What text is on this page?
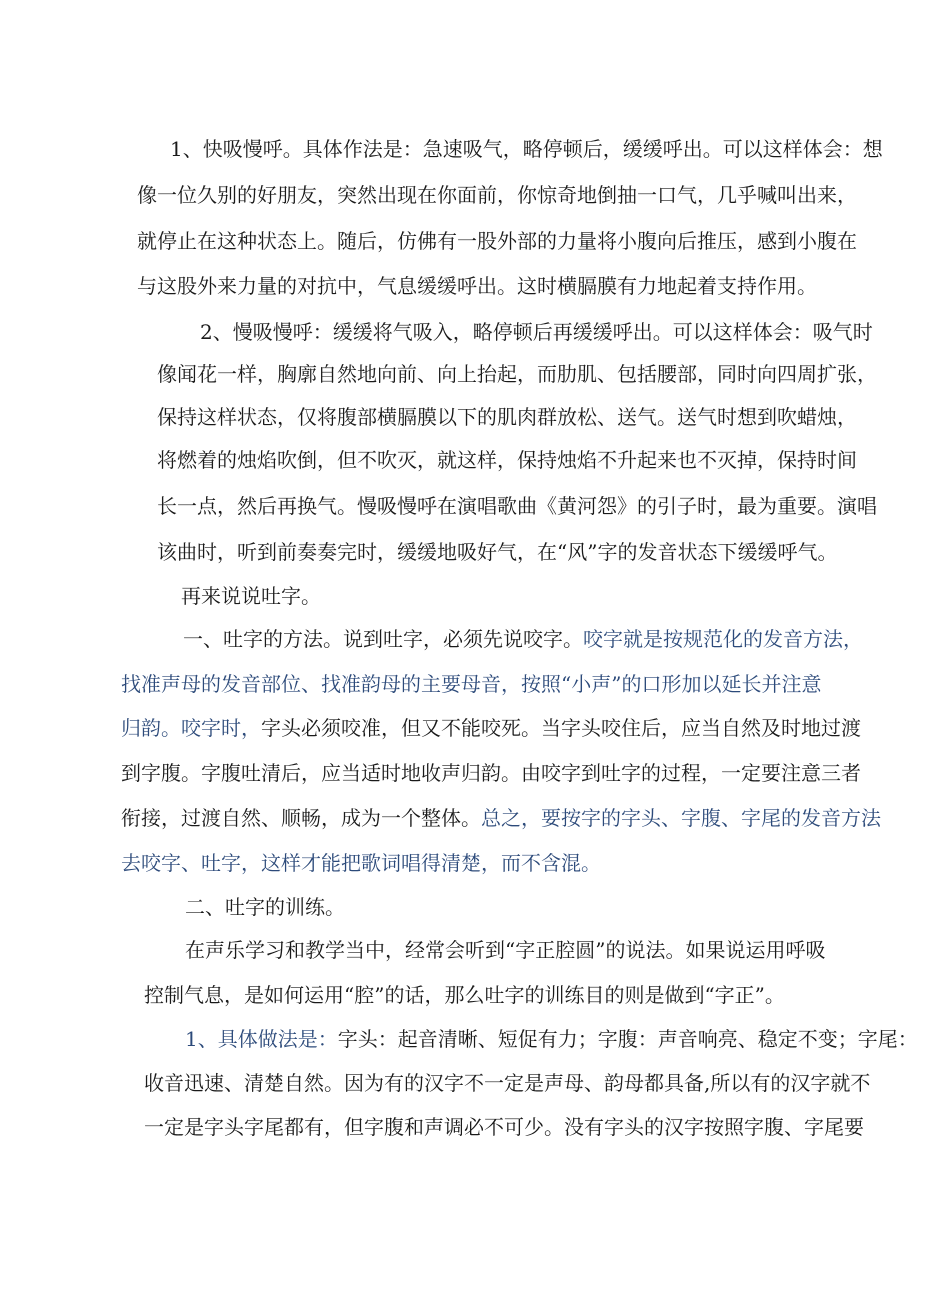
1、快吸慢呼。具体作法是：急速吸气，略停顿后，缓缓呼出。可以这样体会：想
像一位久别的好朋友，突然出现在你面前，你惊奇地倒抽一口气，几乎喊叫出来，
就停止在这种状态上。随后，仿佛有一股外部的力量将小腹向后推压，感到小腹在
与这股外来力量的对抗中，气息缓缓呼出。这时横膈膜有力地起着支持作用。
2、慢吸慢呼：缓缓将气吸入，略停顿后再缓缓呼出。可以这样体会：吸气时
像闻花一样，胸廓自然地向前、向上抬起，而肋肌、包括腰部，同时向四周扩张，
保持这样状态，仅将腹部横膈膜以下的肌肉群放松、送气。送气时想到吹蜡烛，
将燃着的烛焰吹倒，但不吹灭，就这样，保持烛焰不升起来也不灭掉，保持时间
长一点，然后再换气。慢吸慢呼在演唱歌曲《黄河怨》的引子时，最为重要。演唱
该曲时，听到前奏奏完时，缓缓地吸好气，在“风”字的发音状态下缓缓呼气。
再来说说吐字。
一、吐字的方法。说到吐字，必须先说咬字。咬字就是按规范化的发音方法，
找准声母的发音部位、找准韵母的主要母音，按照“小声”的口形加以延长并注意
归韵。咬字时，字头必须咬准，但又不能咬死。当字头咬住后，应当自然及时地过渡
到字腹。字腹吐清后，应当适时地收声归韵。由咬字到吐字的过程，一定要注意三者
衔接，过渡自然、顺畅，成为一个整体。总之，要按字的字头、字腹、字尾的发音方法
去咬字、吐字，这样才能把歌词唱得清楚，而不含混。
二、吐字的训练。
在声乐学习和教学当中，经常会听到“字正腔圆”的说法。如果说运用呼吸
控制气息，是如何运用“腔”的话，那么吐字的训练目的则是做到“字正”。
1、具体做法是：字头：起音清晰、短促有力；字腹：声音响亮、稳定不变；字尾：
收音迅速、清楚自然。因为有的汉字不一定是声母、韵母都具备,所以有的汉字就不
一定是字头字尾都有，但字腹和声调必不可少。没有字头的汉字按照字腹、字尾要
